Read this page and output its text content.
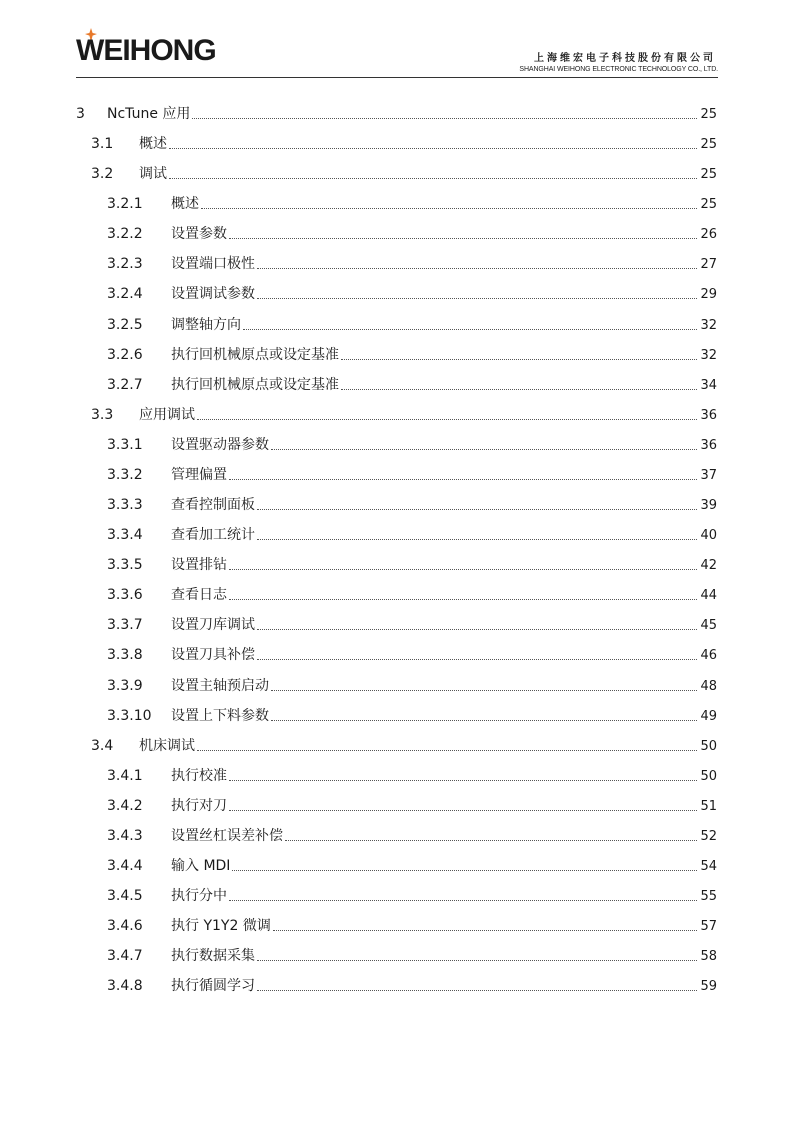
WEIHONG	上海维宏电子科技股份有限公司
SHANGHAI WEIHONG ELECTRONIC TECHNOLOGY CO., LTD.
3	NcTune 应用	25
3.1	概述	25
3.2	调试	25
3.2.1	概述	25
3.2.2	设置参数	26
3.2.3	设置端口极性	27
3.2.4	设置调试参数	29
3.2.5	调整轴方向	32
3.2.6	执行回机械原点或设定基准	32
3.2.7	执行回机械原点或设定基准	34
3.3	应用调试	36
3.3.1	设置驱动器参数	36
3.3.2	管理偏置	37
3.3.3	查看控制面板	39
3.3.4	查看加工统计	40
3.3.5	设置排钻	42
3.3.6	查看日志	44
3.3.7	设置刀库调试	45
3.3.8	设置刀具补偿	46
3.3.9	设置主轴预启动	48
3.3.10	设置上下料参数	49
3.4	机床调试	50
3.4.1	执行校准	50
3.4.2	执行对刀	51
3.4.3	设置丝杠误差补偿	52
3.4.4	输入 MDI	54
3.4.5	执行分中	55
3.4.6	执行 Y1Y2 微调	57
3.4.7	执行数据采集	58
3.4.8	执行循圆学习	59
